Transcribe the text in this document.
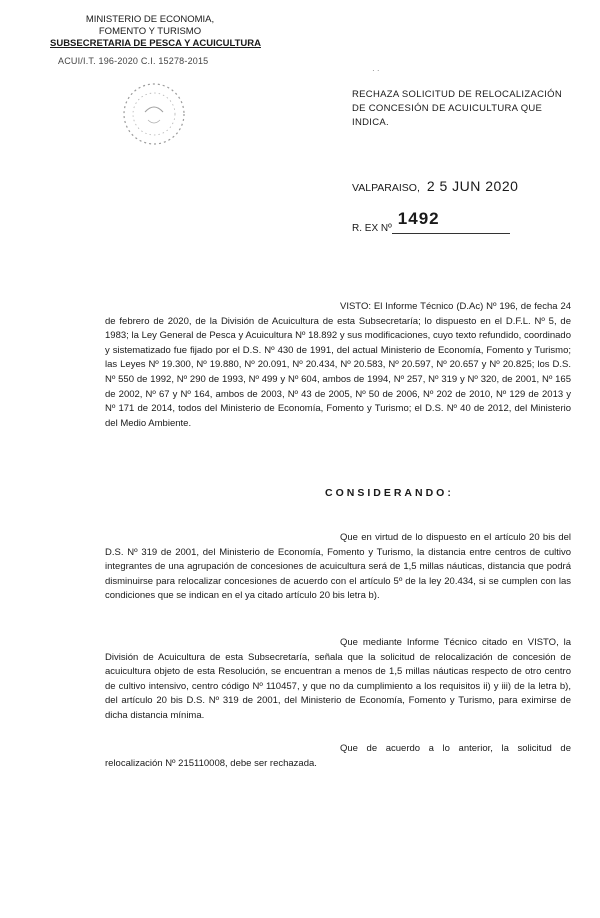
MINISTERIO DE ECONOMIA,
FOMENTO Y TURISMO
SUBSECRETARIA DE PESCA Y ACUICULTURA
ACUI/I.T. 196-2020 C.I. 15278-2015
· ·
RECHAZA SOLICITUD DE RELOCALIZACIÓN DE CONCESIÓN DE ACUICULTURA QUE INDICA.
VALPARAISO, 2 5 JUN 2020
R. EX Nº
1492
VISTO: El Informe Técnico (D.Ac) Nº 196, de fecha 24 de febrero de 2020, de la División de Acuicultura de esta Subsecretaría; lo dispuesto en el D.F.L. Nº 5, de 1983; la Ley General de Pesca y Acuicultura Nº 18.892 y sus modificaciones, cuyo texto refundido, coordinado y sistematizado fue fijado por el D.S. Nº 430 de 1991, del actual Ministerio de Economía, Fomento y Turismo; las Leyes Nº 19.300, Nº 19.880, Nº 20.091, Nº 20.434, Nº 20.583, Nº 20.597, Nº 20.657 y Nº 20.825; los D.S. Nº 550 de 1992, Nº 290 de 1993, Nº 499 y Nº 604, ambos de 1994, Nº 257, Nº 319 y Nº 320, de 2001, Nº 165 de 2002, Nº 67 y Nº 164, ambos de 2003, Nº 43 de 2005, Nº 50 de 2006, Nº 202 de 2010, Nº 129 de 2013 y Nº 171 de 2014, todos del Ministerio de Economía, Fomento y Turismo; el D.S. Nº 40 de 2012, del Ministerio del Medio Ambiente.
CONSIDERANDO:
Que en virtud de lo dispuesto en el artículo 20 bis del D.S. Nº 319 de 2001, del Ministerio de Economía, Fomento y Turismo, la distancia entre centros de cultivo integrantes de una agrupación de concesiones de acuicultura será de 1,5 millas náuticas, distancia que podrá disminuirse para relocalizar concesiones de acuerdo con el artículo 5º de la ley 20.434, si se cumplen con las condiciones que se indican en el ya citado artículo 20 bis letra b).
Que mediante Informe Técnico citado en VISTO, la División de Acuicultura de esta Subsecretaría, señala que la solicitud de relocalización de concesión de acuicultura objeto de esta Resolución, se encuentran a menos de 1,5 millas náuticas respecto de otro centro de cultivo intensivo, centro código Nº 110457, y que no da cumplimiento a los requisitos ii) y iii) de la letra b), del artículo 20 bis D.S. Nº 319 de 2001, del Ministerio de Economía, Fomento y Turismo, para eximirse de dicha distancia mínima.
Que de acuerdo a lo anterior, la solicitud de relocalización Nº 215110008, debe ser rechazada.
